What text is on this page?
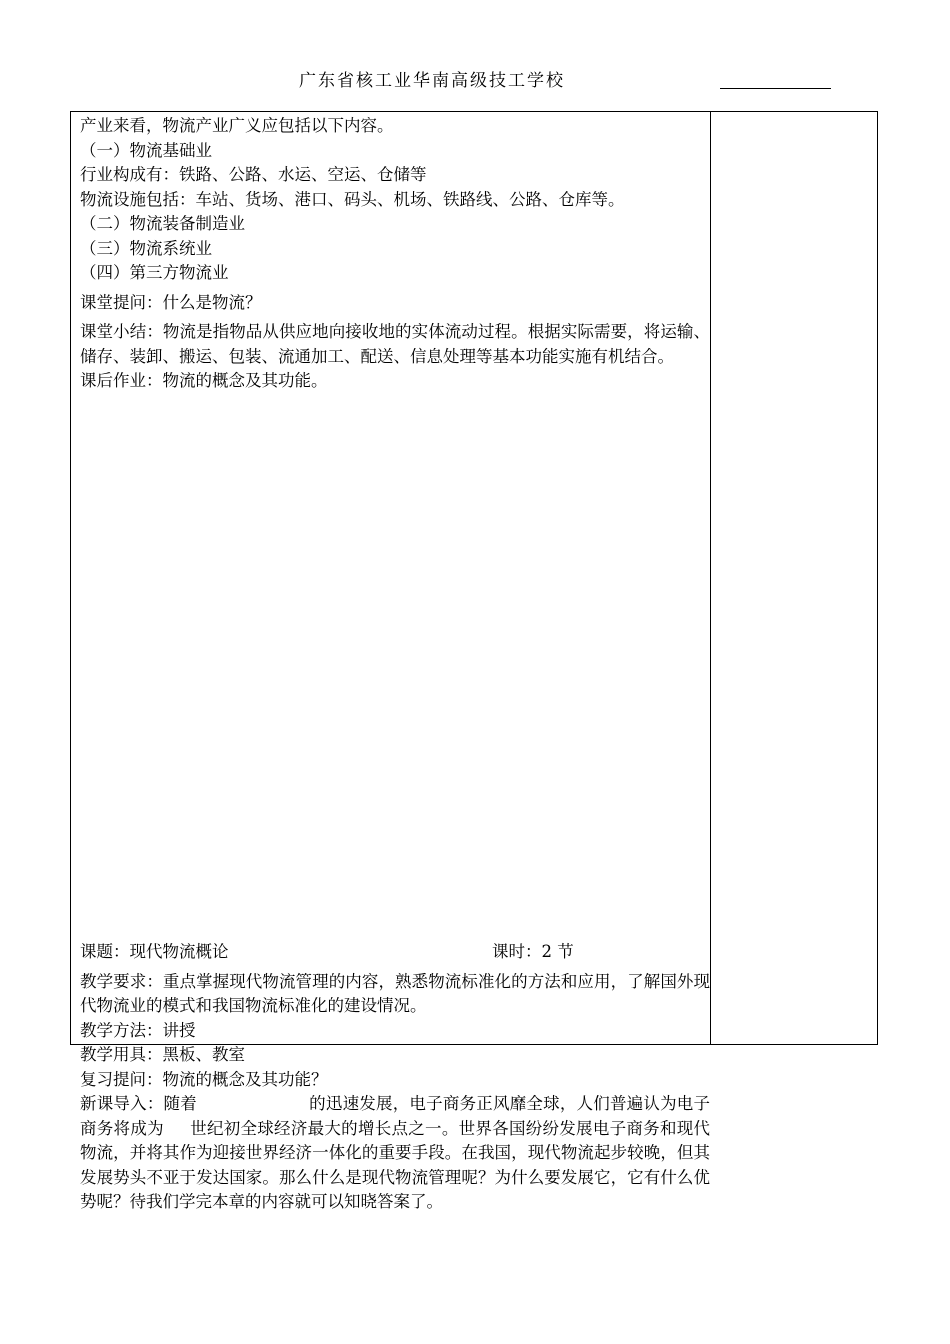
广东省核工业华南高级技工学校

产业来看，物流产业广义应包括以下内容。

（一）物流基础业

行业构成有：铁路、公路、水运、空运、仓储等

物流设施包括：车站、货场、港口、码头、机场、铁路线、公路、仓库等。

（二）物流装备制造业

（三）物流系统业

（四）第三方物流业

课堂提问：什么是物流？

课堂小结：物流是指物品从供应地向接收地的实体流动过程。根据实际需要，将运输、储存、装卸、搬运、包装、流通加工、配送、信息处理等基本功能实施有机结合。

课后作业：物流的概念及其功能。

课题：现代物流概论	课时：2 节

教学要求：重点掌握现代物流管理的内容，熟悉物流标准化的方法和应用，了解国外现代物流业的模式和我国物流标准化的建设情况。

教学方法：讲授

教学用具：黑板、教室

复习提问：物流的概念及其功能？

新课导入：随着	的迅速发展，电子商务正风靡全球，人们普遍认为电子商务将成为 世纪初全球经济最大的增长点之一。世界各国纷纷发展电子商务和现代物流，并将其作为迎接世界经济一体化的重要手段。在我国，现代物流起步较晚，但其发展势头不亚于发达国家。那么什么是现代物流管理呢？为什么要发展它，它有什么优势呢？待我们学完本章的内容就可以知晓答案了。
